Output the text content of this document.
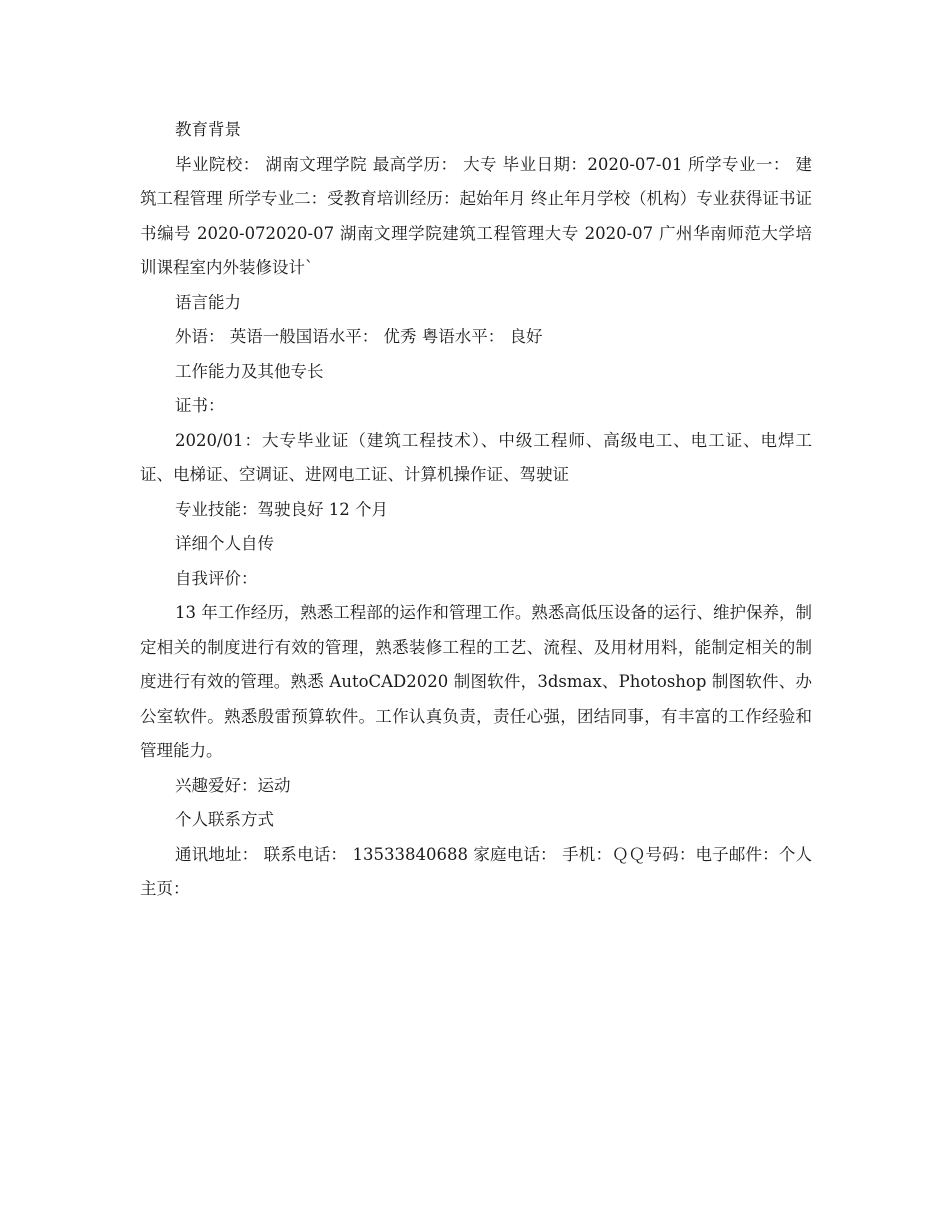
教育背景

毕业院校： 湖南文理学院 最高学历： 大专 毕业日期：2020-07-01 所学专业一： 建筑工程管理 所学专业二：受教育培训经历：起始年月 终止年月学校（机构）专业获得证书证书编号 2020-072020-07 湖南文理学院建筑工程管理大专 2020-07 广州华南师范大学培训课程室内外装修设计`

语言能力

外语： 英语一般国语水平： 优秀 粤语水平： 良好

工作能力及其他专长

证书：

2020/01：大专毕业证（建筑工程技术）、中级工程师、高级电工、电工证、电焊工证、电梯证、空调证、进网电工证、计算机操作证、驾驶证

专业技能：驾驶良好 12 个月

详细个人自传

自我评价：

13 年工作经历，熟悉工程部的运作和管理工作。熟悉高低压设备的运行、维护保养，制定相关的制度进行有效的管理，熟悉装修工程的工艺、流程、及用材用料，能制定相关的制度进行有效的管理。熟悉 AutoCAD2020 制图软件，3dsmax、Photoshop 制图软件、办公室软件。熟悉殷雷预算软件。工作认真负责，责任心强，团结同事，有丰富的工作经验和管理能力。

兴趣爱好：运动

个人联系方式

通讯地址： 联系电话： 13533840688 家庭电话： 手机：ＱＱ号码：电子邮件：个人主页：
